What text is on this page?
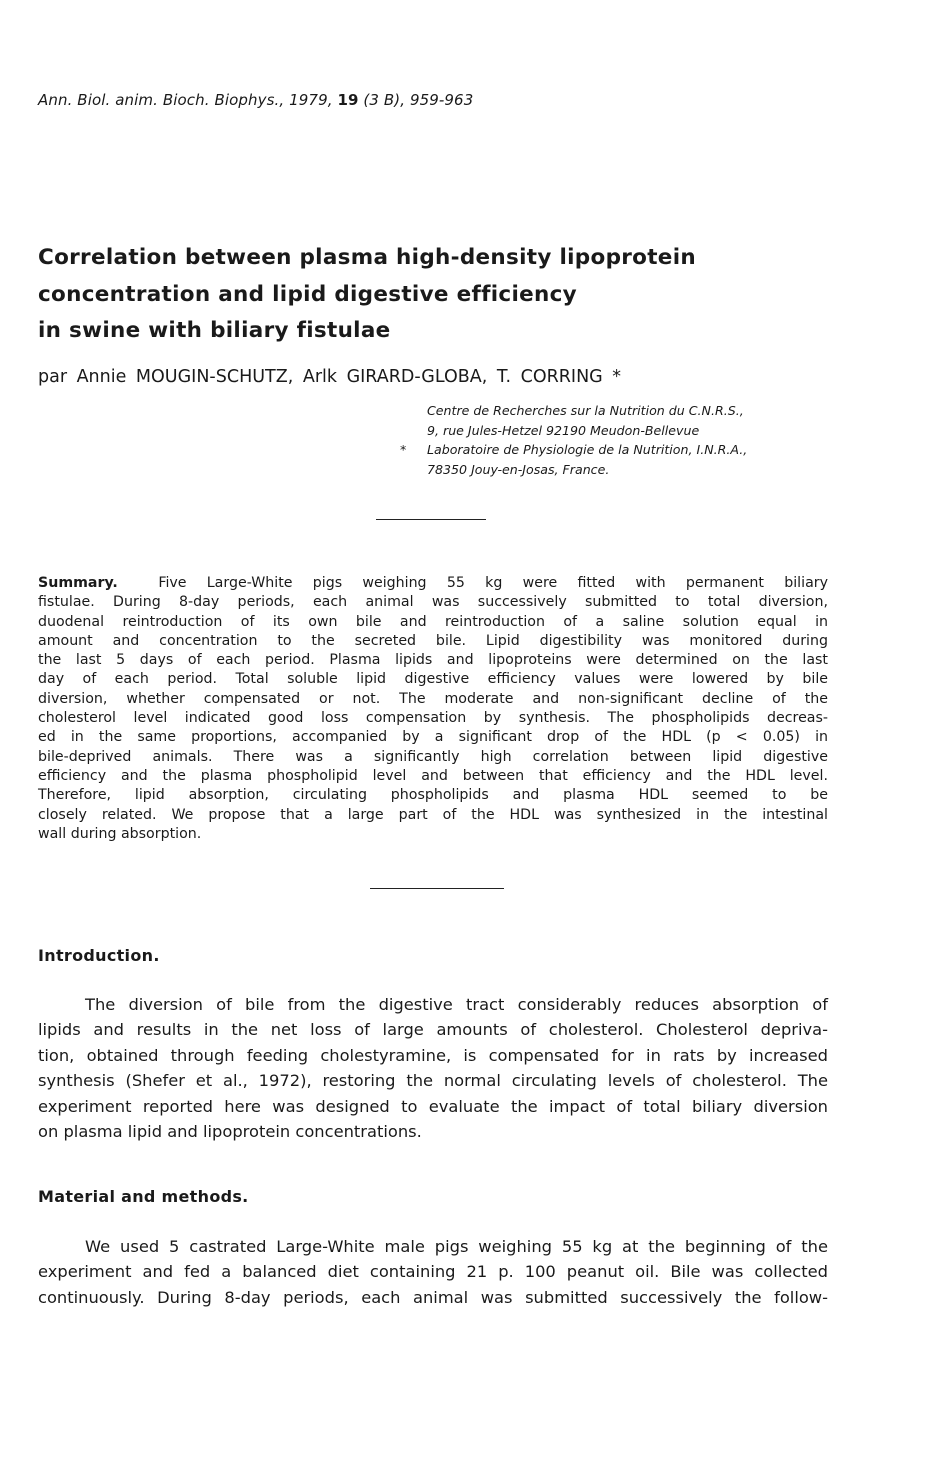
Ann. Biol. anim. Bioch. Biophys., 1979, 19 (3 B), 959-963
Correlation between plasma high-density lipoprotein
concentration and lipid digestive efficiency
in swine with biliary fistulae
par Annie MOUGIN-SCHUTZ, Arlk GIRARD-GLOBA, T. CORRING *
Centre de Recherches sur la Nutrition du C.N.R.S.,
9, rue Jules-Hetzel 92190 Meudon-Bellevue
* Laboratoire de Physiologie de la Nutrition, I.N.R.A.,
78350 Jouy-en-Josas, France.
Summary.	Five Large-White pigs weighing 55 kg were fitted with permanent biliary
fistulae. During 8-day periods, each animal was successively submitted to total diversion,
duodenal reintroduction of its own bile and reintroduction of a saline solution equal in
amount and concentration to the secreted bile. Lipid digestibility was monitored during
the last 5 days of each period. Plasma lipids and lipoproteins were determined on the last
day of each period. Total soluble lipid digestive efficiency values were lowered by bile
diversion, whether compensated or not. The moderate and non-significant decline of the
cholesterol level indicated good loss compensation by synthesis. The phospholipids decreas-
ed in the same proportions, accompanied by a significant drop of the HDL (p < 0.05) in
bile-deprived animals. There was a significantly high correlation between lipid digestive
efficiency and the plasma phospholipid level and between that efficiency and the HDL level.
Therefore, lipid absorption, circulating phospholipids and plasma HDL seemed to be
closely related. We propose that a large part of the HDL was synthesized in the intestinal
wall during absorption.
Introduction.
The diversion of bile from the digestive tract considerably reduces absorption of
lipids and results in the net loss of large amounts of cholesterol. Cholesterol depriva-
tion, obtained through feeding cholestyramine, is compensated for in rats by increased
synthesis (Shefer et al., 1972), restoring the normal circulating levels of cholesterol. The
experiment reported here was designed to evaluate the impact of total biliary diversion
on plasma lipid and lipoprotein concentrations.
Material and methods.
We used 5 castrated Large-White male pigs weighing 55 kg at the beginning of the
experiment and fed a balanced diet containing 21 p. 100 peanut oil. Bile was collected
continuously. During 8-day periods, each animal was submitted successively the follow-
